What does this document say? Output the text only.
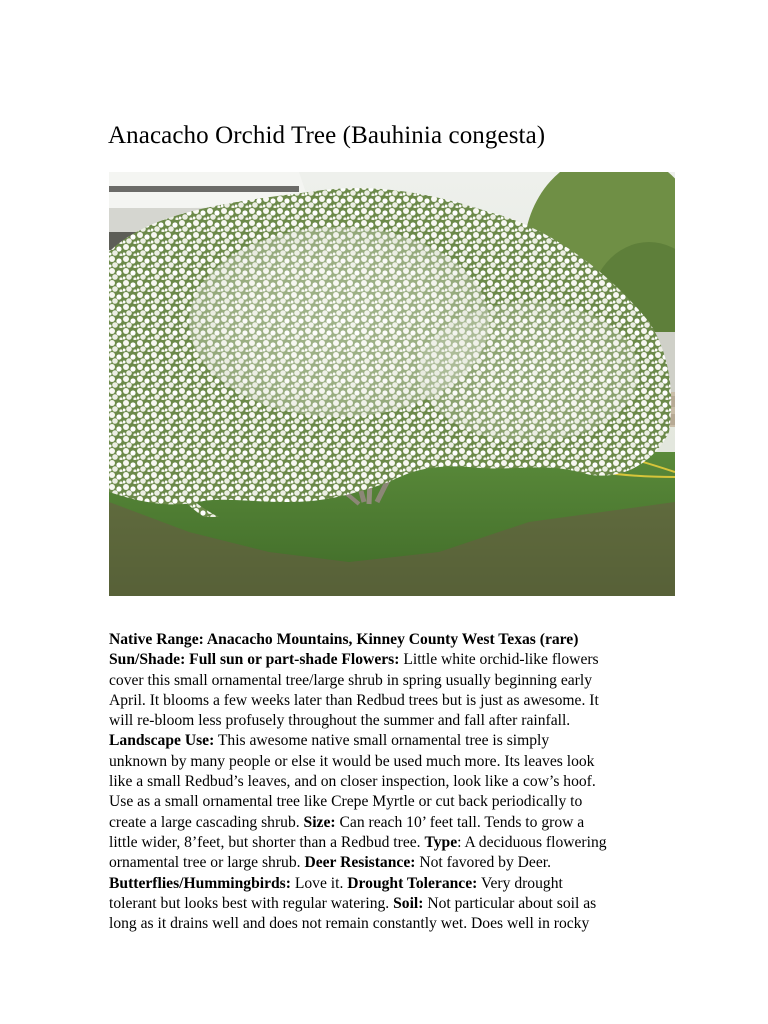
Anacacho Orchid Tree (Bauhinia congesta)
Native Range: Anacacho Mountains, Kinney County West Texas (rare)
Sun/Shade: Full sun or part-shade Flowers: Little white orchid-like flowers
cover this small ornamental tree/large shrub in spring usually beginning early
April. It blooms a few weeks later than Redbud trees but is just as awesome. It
will re-bloom less profusely throughout the summer and fall after rainfall.
Landscape Use: This awesome native small ornamental tree is simply
unknown by many people or else it would be used much more. Its leaves look
like a small Redbud’s leaves, and on closer inspection, look like a cow’s hoof.
Use as a small ornamental tree like Crepe Myrtle or cut back periodically to
create a large cascading shrub. Size: Can reach 10’ feet tall. Tends to grow a
little wider, 8’feet, but shorter than a Redbud tree. Type: A deciduous flowering
ornamental tree or large shrub. Deer Resistance: Not favored by Deer.
Butterflies/Hummingbirds: Love it. Drought Tolerance: Very drought
tolerant but looks best with regular watering. Soil: Not particular about soil as
long as it drains well and does not remain constantly wet. Does well in rocky
